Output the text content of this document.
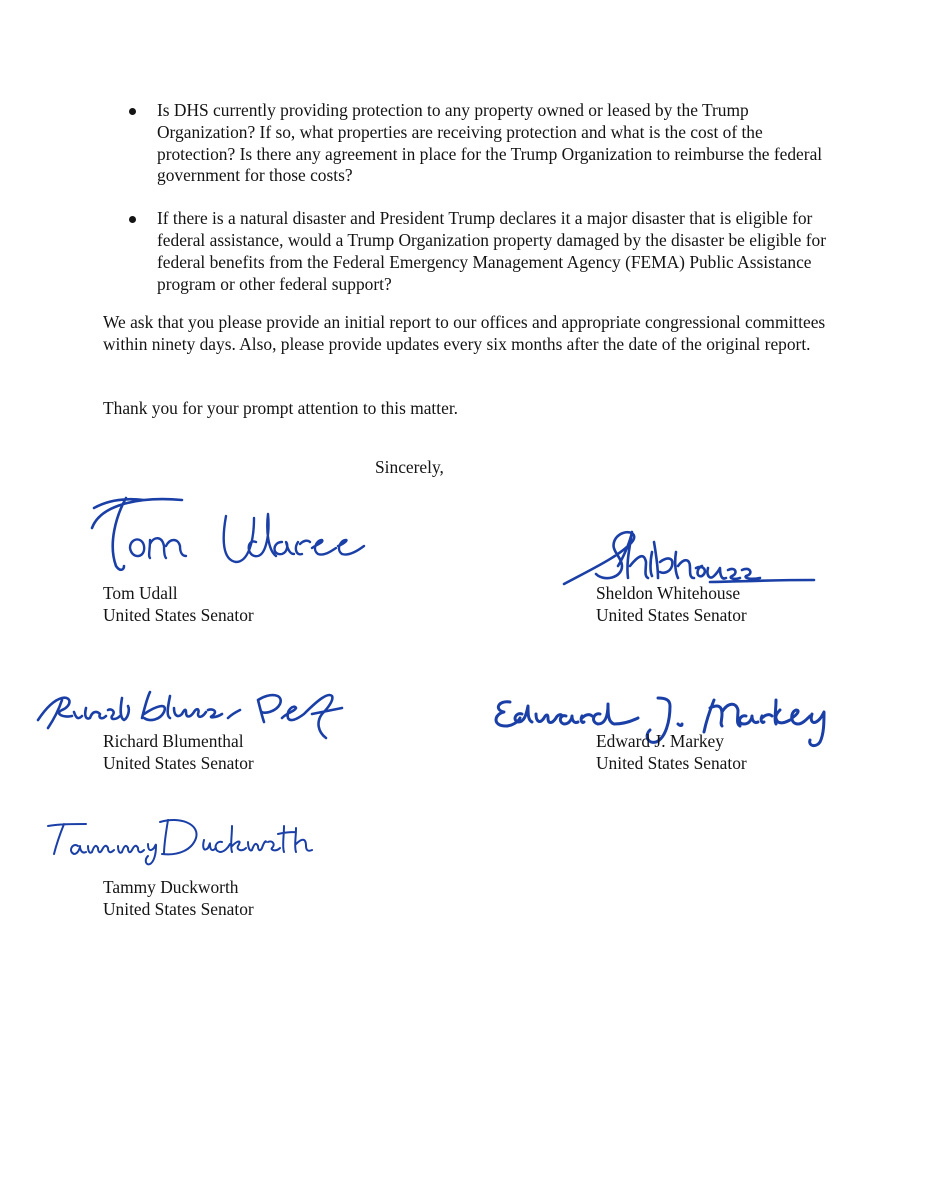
Is DHS currently providing protection to any property owned or leased by the Trump Organization? If so, what properties are receiving protection and what is the cost of the protection? Is there any agreement in place for the Trump Organization to reimburse the federal government for those costs?
If there is a natural disaster and President Trump declares it a major disaster that is eligible for federal assistance, would a Trump Organization property damaged by the disaster be eligible for federal benefits from the Federal Emergency Management Agency (FEMA) Public Assistance program or other federal support?

We ask that you please provide an initial report to our offices and appropriate congressional committees within ninety days. Also, please provide updates every six months after the date of the original report.

Thank you for your prompt attention to this matter.

Sincerely,
Tom Udall
United States Senator
Sheldon Whitehouse
United States Senator
Richard Blumenthal
United States Senator
Edward J. Markey
United States Senator
Tammy Duckworth
United States Senator
